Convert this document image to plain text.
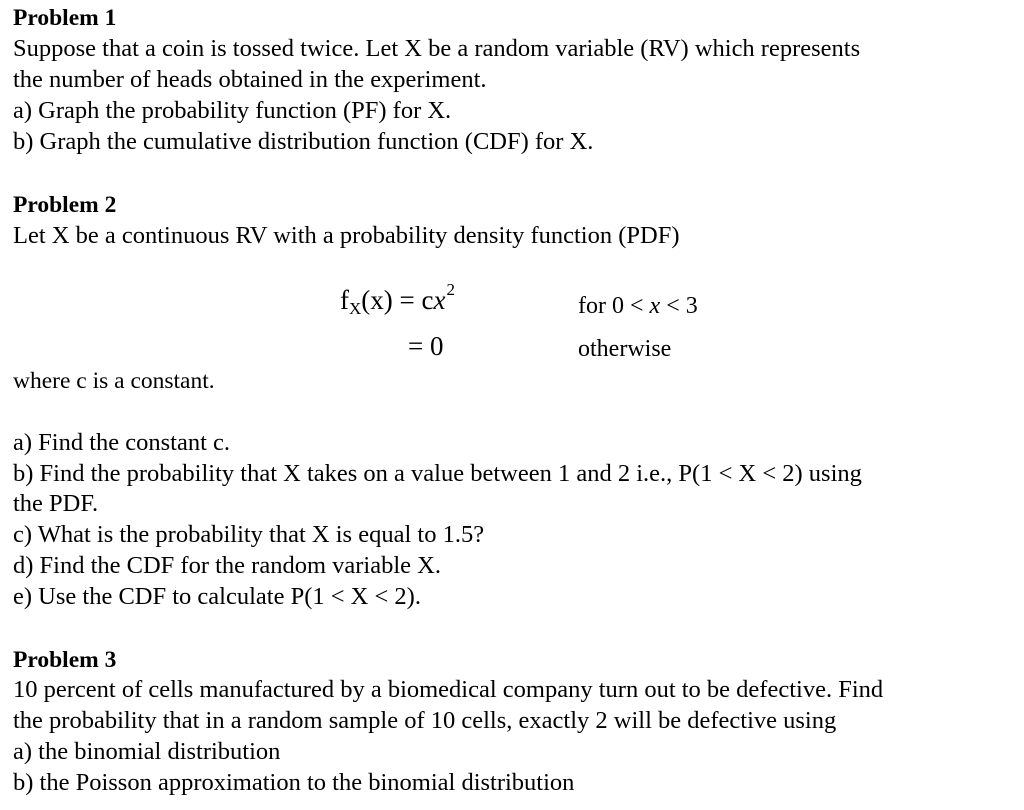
Problem 1
Suppose that a coin is tossed twice. Let X be a random variable (RV) which represents
the number of heads obtained in the experiment.
a) Graph the probability function (PF) for X.
b) Graph the cumulative distribution function (CDF) for X.
Problem 2
Let X be a continuous RV with a probability density function (PDF)
$fX(x) = cx^2$
= 0
for 0 < x < 3
otherwise
where c is a constant.
a) Find the constant c.
b) Find the probability that X takes on a value between 1 and 2 i.e., P(1 < X < 2) using
the PDF.
c) What is the probability that X is equal to 1.5?
d) Find the CDF for the random variable X.
e) Use the CDF to calculate P(1 < X < 2).
Problem 3
10 percent of cells manufactured by a biomedical company turn out to be defective. Find
the probability that in a random sample of 10 cells, exactly 2 will be defective using
a) the binomial distribution
b) the Poisson approximation to the binomial distribution
